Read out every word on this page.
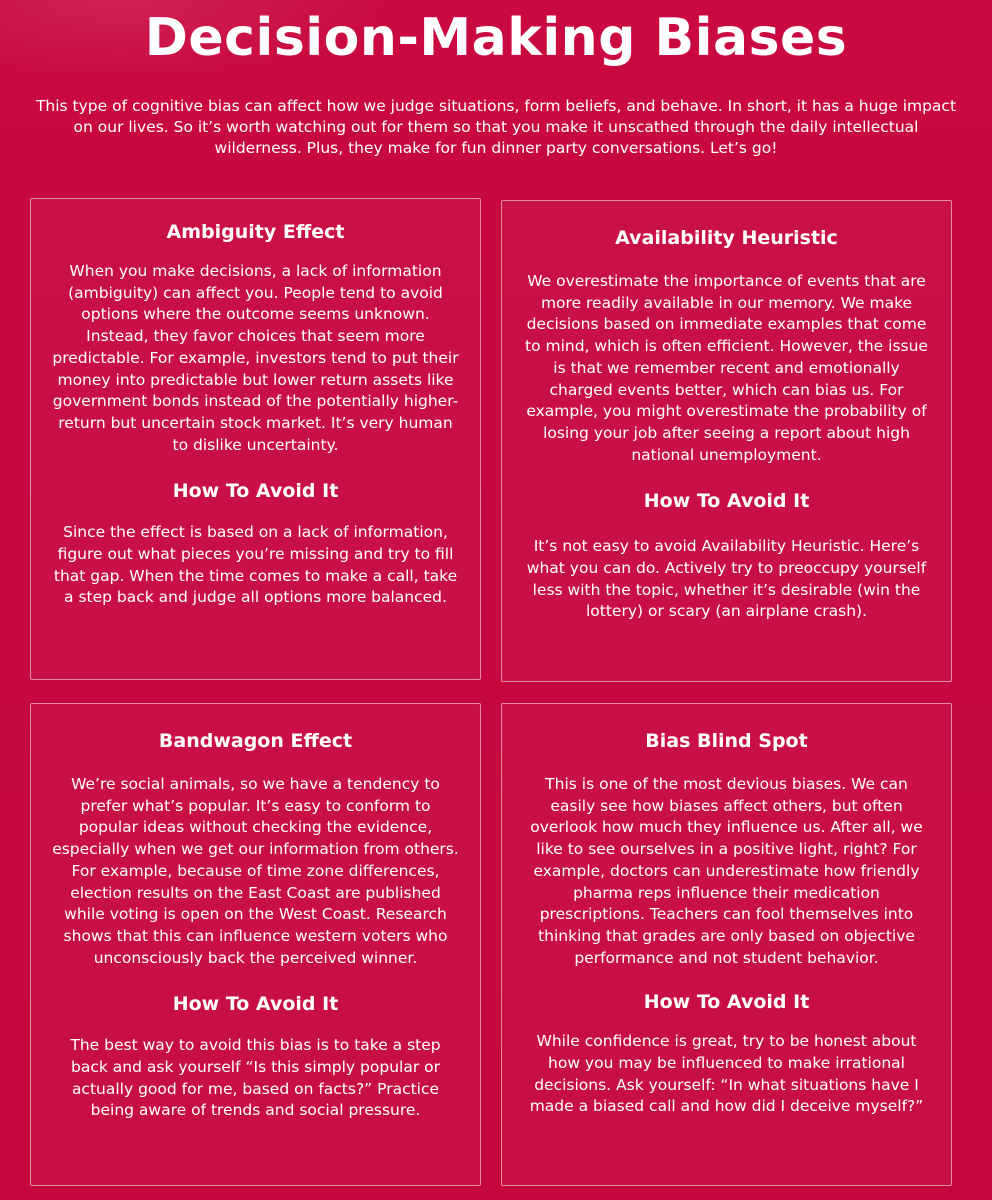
Decision-Making Biases

This type of cognitive bias can affect how we judge situations, form beliefs, and behave. In short, it has a huge impact on our lives. So it’s worth watching out for them so that you make it unscathed through the daily intellectual wilderness. Plus, they make for fun dinner party conversations. Let’s go!

Ambiguity Effect

When you make decisions, a lack of information (ambiguity) can affect you. People tend to avoid options where the outcome seems unknown. Instead, they favor choices that seem more predictable. For example, investors tend to put their money into predictable but lower return assets like government bonds instead of the potentially higher-return but uncertain stock market. It’s very human to dislike uncertainty.

How To Avoid It

Since the effect is based on a lack of information, figure out what pieces you’re missing and try to fill that gap. When the time comes to make a call, take a step back and judge all options more balanced.

Availability Heuristic

We overestimate the importance of events that are more readily available in our memory. We make decisions based on immediate examples that come to mind, which is often efficient. However, the issue is that we remember recent and emotionally charged events better, which can bias us. For example, you might overestimate the probability of losing your job after seeing a report about high national unemployment.

How To Avoid It

It’s not easy to avoid Availability Heuristic. Here’s what you can do. Actively try to preoccupy yourself less with the topic, whether it’s desirable (win the lottery) or scary (an airplane crash).

Bandwagon Effect

We’re social animals, so we have a tendency to prefer what’s popular. It’s easy to conform to popular ideas without checking the evidence, especially when we get our information from others. For example, because of time zone differences, election results on the East Coast are published while voting is open on the West Coast. Research shows that this can influence western voters who unconsciously back the perceived winner.

How To Avoid It

The best way to avoid this bias is to take a step back and ask yourself “Is this simply popular or actually good for me, based on facts?” Practice being aware of trends and social pressure.

Bias Blind Spot

This is one of the most devious biases. We can easily see how biases affect others, but often overlook how much they influence us. After all, we like to see ourselves in a positive light, right? For example, doctors can underestimate how friendly pharma reps influence their medication prescriptions. Teachers can fool themselves into thinking that grades are only based on objective performance and not student behavior.

How To Avoid It

While confidence is great, try to be honest about how you may be influenced to make irrational decisions. Ask yourself: “In what situations have I made a biased call and how did I deceive myself?”
